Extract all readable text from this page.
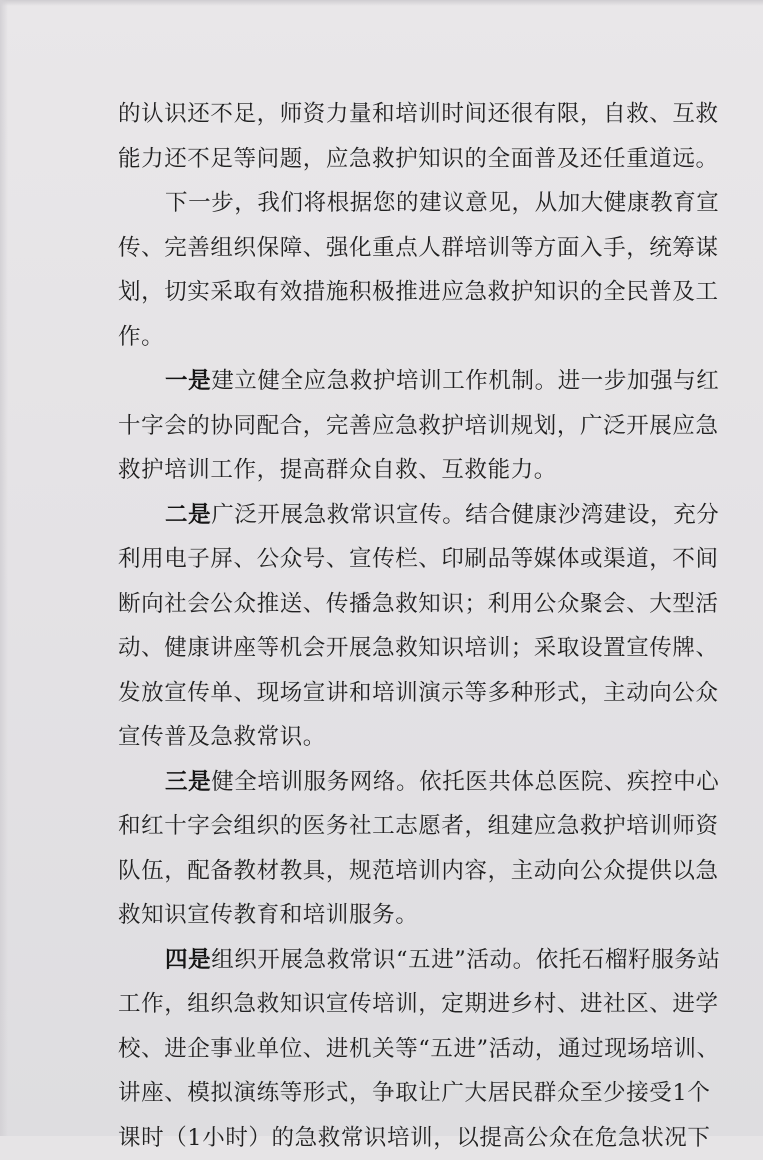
的认识还不足，师资力量和培训时间还很有限，自救、互救
能力还不足等问题，应急救护知识的全面普及还任重道远。
下一步，我们将根据您的建议意见，从加大健康教育宣
传、完善组织保障、强化重点人群培训等方面入手，统筹谋
划，切实采取有效措施积极推进应急救护知识的全民普及工
作。
一是建立健全应急救护培训工作机制。进一步加强与红
十字会的协同配合，完善应急救护培训规划，广泛开展应急
救护培训工作，提高群众自救、互救能力。
二是广泛开展急救常识宣传。结合健康沙湾建设，充分
利用电子屏、公众号、宣传栏、印刷品等媒体或渠道，不间
断向社会公众推送、传播急救知识；利用公众聚会、大型活
动、健康讲座等机会开展急救知识培训；采取设置宣传牌、
发放宣传单、现场宣讲和培训演示等多种形式，主动向公众
宣传普及急救常识。
三是健全培训服务网络。依托医共体总医院、疾控中心
和红十字会组织的医务社工志愿者，组建应急救护培训师资
队伍，配备教材教具，规范培训内容，主动向公众提供以急
救知识宣传教育和培训服务。
四是组织开展急救常识“五进”活动。依托石榴籽服务站
工作，组织急救知识宣传培训，定期进乡村、进社区、进学
校、进企事业单位、进机关等“五进”活动，通过现场培训、
讲座、模拟演练等形式，争取让广大居民群众至少接受1个
课时（1小时）的急救常识培训，以提高公众在危急状况下
